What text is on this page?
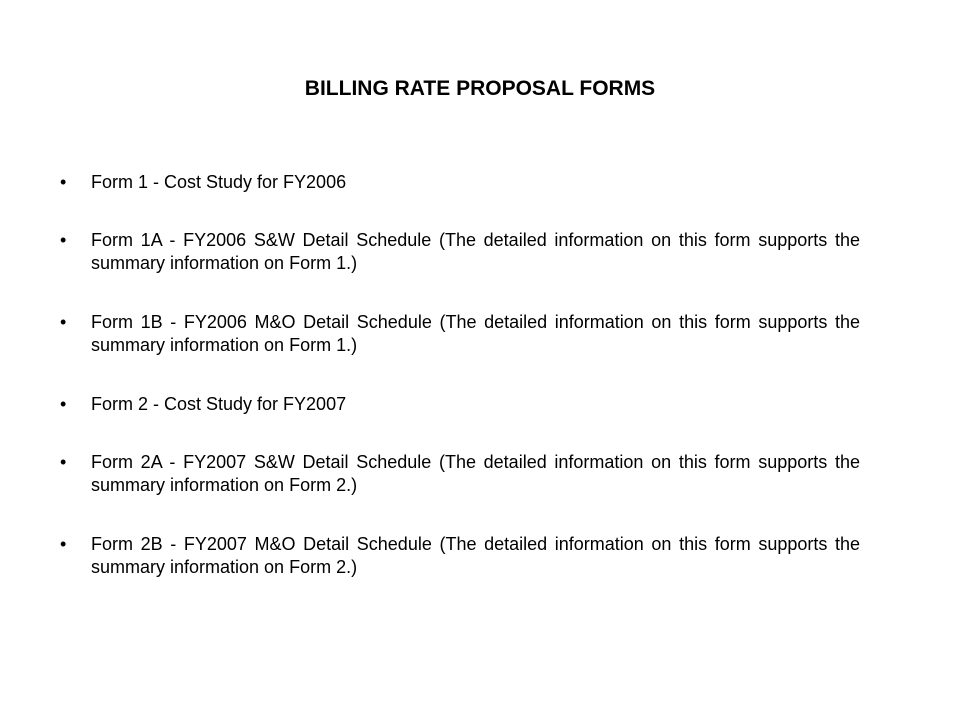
BILLING RATE PROPOSAL FORMS
•	Form 1 - Cost Study for FY2006
•	Form 1A - FY2006 S&W Detail Schedule (The detailed information on this form supports the summary information on Form 1.)
•	Form 1B - FY2006 M&O Detail Schedule (The detailed information on this form supports the summary information on Form 1.)
•	Form 2 - Cost Study for FY2007
•	Form 2A - FY2007 S&W Detail Schedule (The detailed information on this form supports the summary information on Form 2.)
•	Form 2B - FY2007 M&O Detail Schedule (The detailed information on this form supports the summary information on Form 2.)
